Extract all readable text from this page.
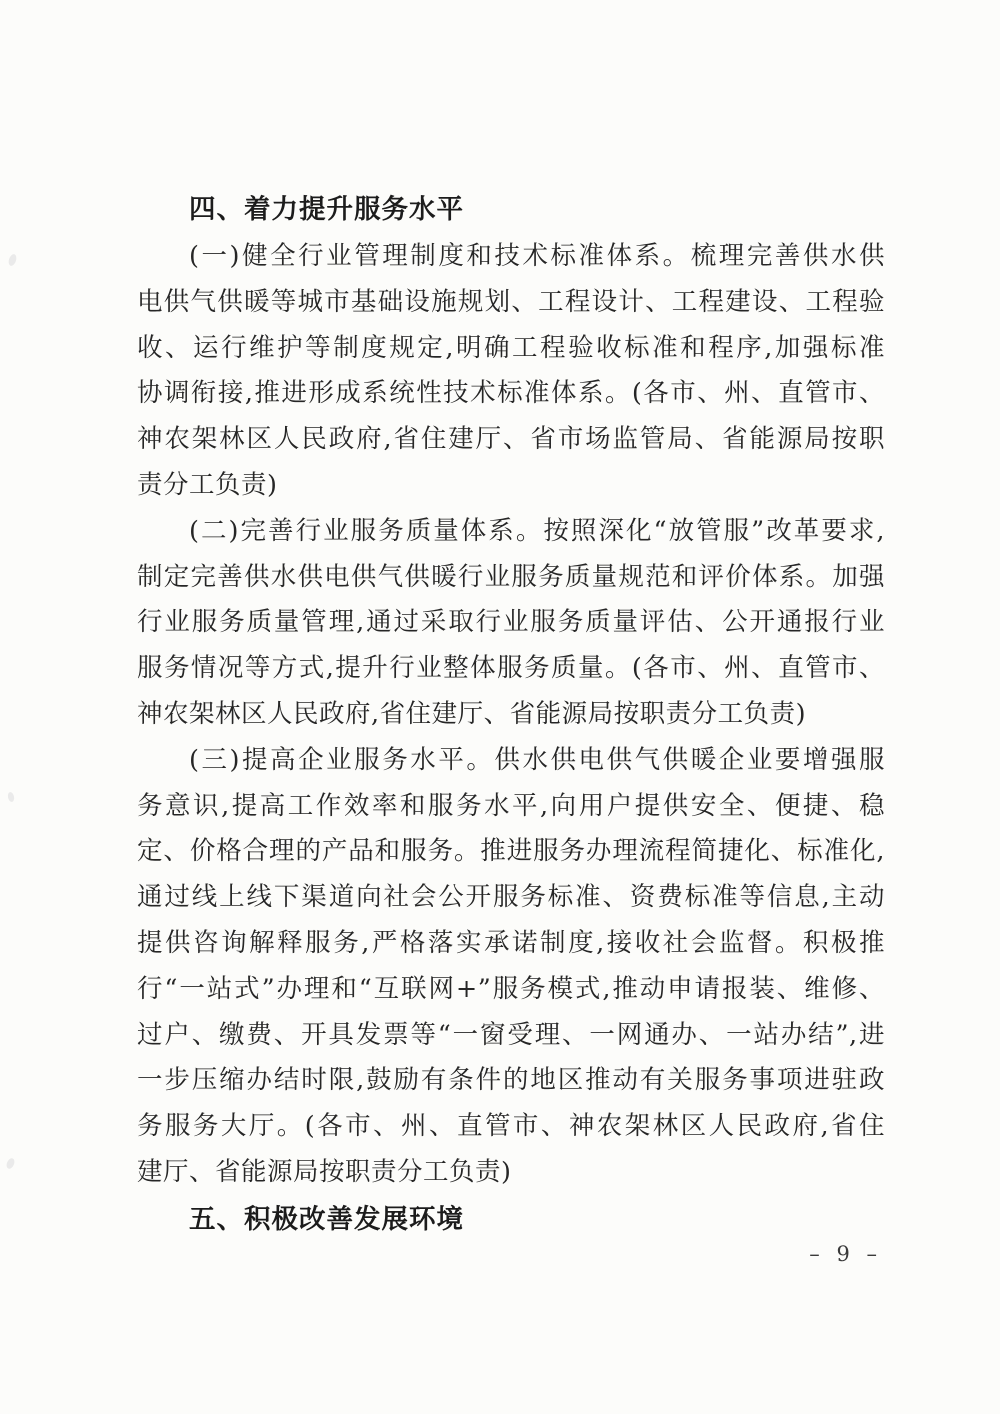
四、着力提升服务水平
(一)健全行业管理制度和技术标准体系。梳理完善供水供
电供气供暖等城市基础设施规划、工程设计、工程建设、工程验
收、运行维护等制度规定,明确工程验收标准和程序,加强标准
协调衔接,推进形成系统性技术标准体系。(各市、州、直管市、
神农架林区人民政府,省住建厅、省市场监管局、省能源局按职
责分工负责)
(二)完善行业服务质量体系。按照深化“放管服”改革要求,
制定完善供水供电供气供暖行业服务质量规范和评价体系。加强
行业服务质量管理,通过采取行业服务质量评估、公开通报行业
服务情况等方式,提升行业整体服务质量。(各市、州、直管市、
神农架林区人民政府,省住建厅、省能源局按职责分工负责)
(三)提高企业服务水平。供水供电供气供暖企业要增强服
务意识,提高工作效率和服务水平,向用户提供安全、便捷、稳
定、价格合理的产品和服务。推进服务办理流程简捷化、标准化,
通过线上线下渠道向社会公开服务标准、资费标准等信息,主动
提供咨询解释服务,严格落实承诺制度,接收社会监督。积极推
行“一站式”办理和“互联网+”服务模式,推动申请报装、维修、
过户、缴费、开具发票等“一窗受理、一网通办、一站办结”,进
一步压缩办结时限,鼓励有条件的地区推动有关服务事项进驻政
务服务大厅。(各市、州、直管市、神农架林区人民政府,省住
建厅、省能源局按职责分工负责)
五、积极改善发展环境
– 9 –
